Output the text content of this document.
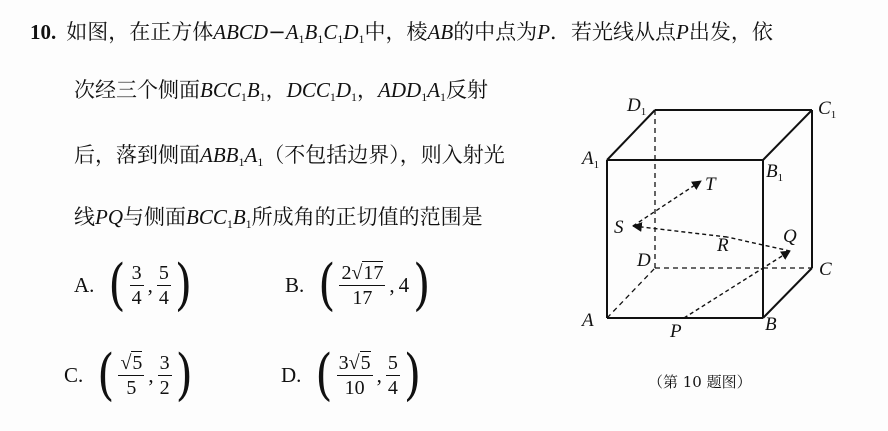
10. 如图，在正方体$ABCD-A_1B_1C_1D_1$中，棱AB的中点为P．若光线从点P出发，依
次经三个侧面$BCC_1B_1$，$DCC_1D_1$，$ADD_1A_1$反射
后，落到侧面$ABB_1A_1$（不包括边界），则入射光
线PQ与侧面$BCC_1B_1$所成角的正切值的范围是
A. ( $\frac{3}{4}$ , $\frac{5}{4}$ )	B. ( $\frac{2√17}{17}$ , 4 )
C. ( $\frac{√5}{5}$ , $\frac{3}{2}$ )	D. ( $\frac{3√5}{10}$ , $\frac{5}{4}$ )
$D_1$	$C_1$
$A_1$	$B_1$
T
S
R	Q
D	C
A
P	B
（第 10 题图）
